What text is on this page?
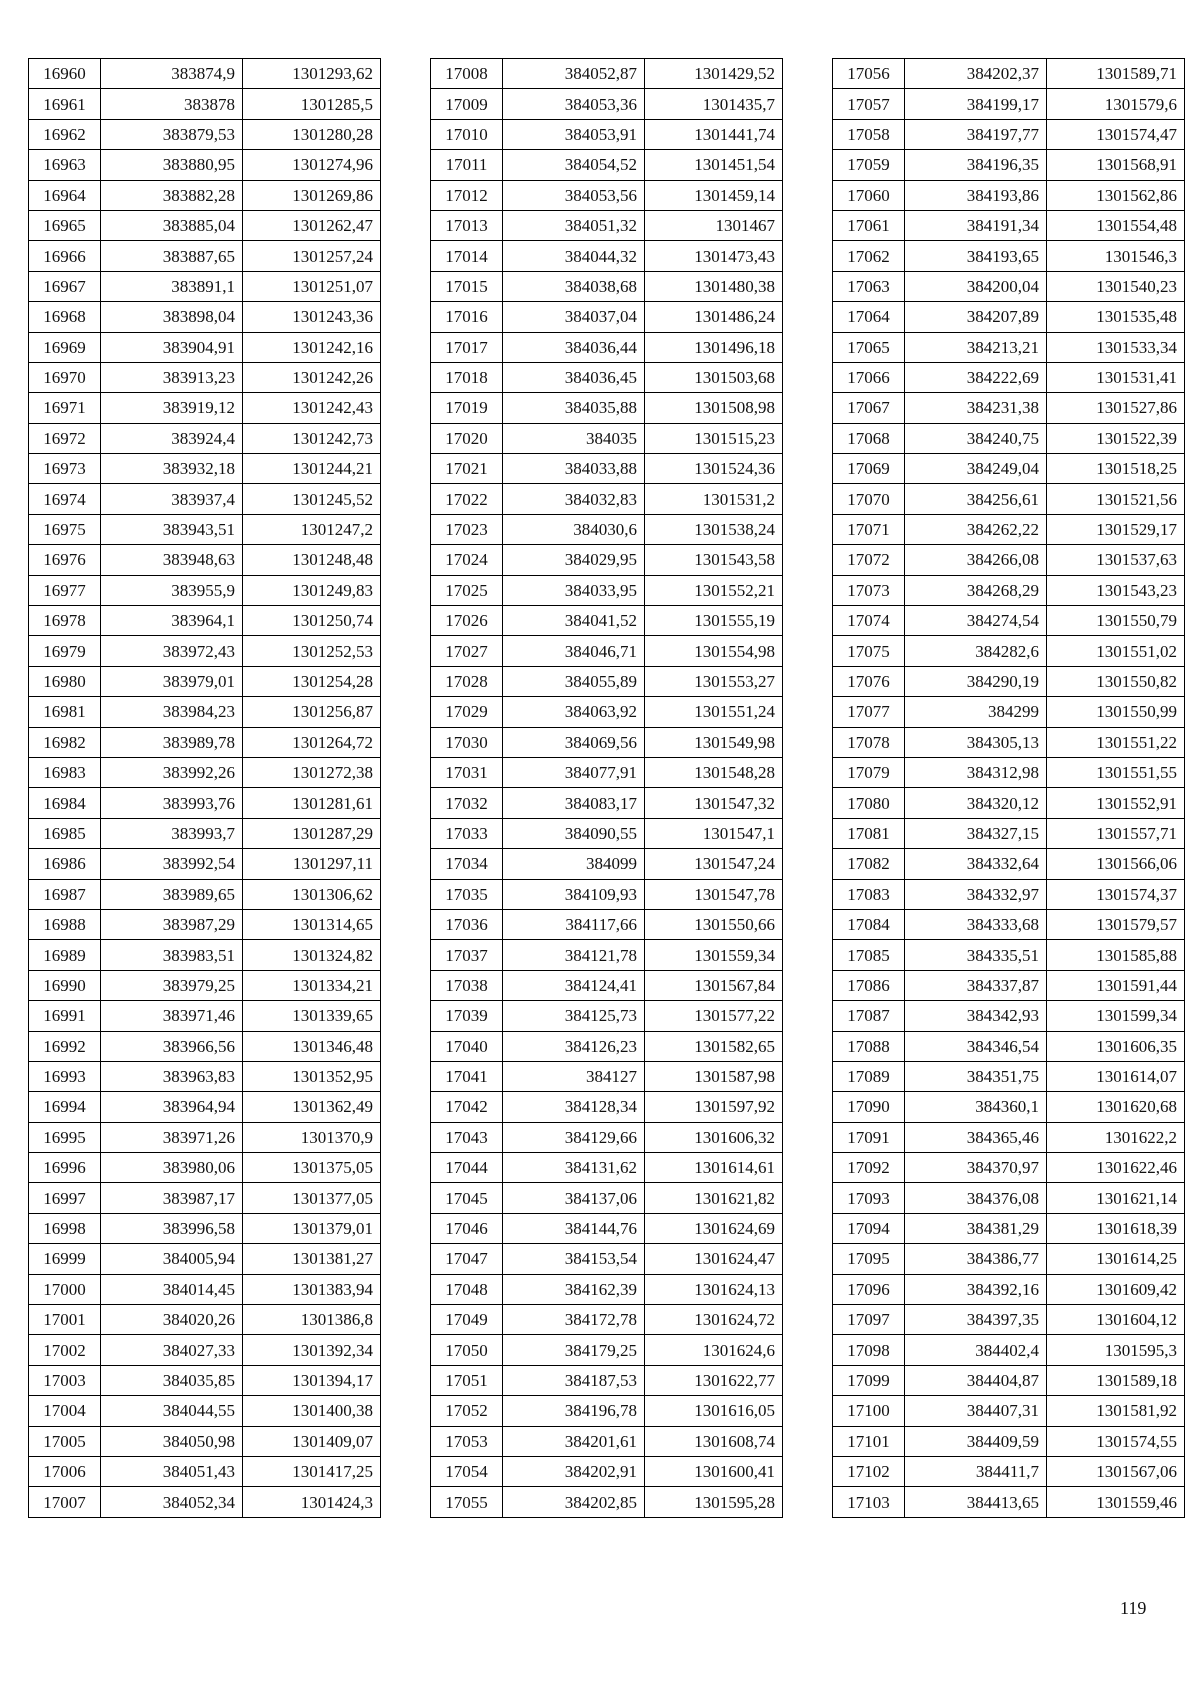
16960	383874,9	1301293,62
16961	383878	1301285,5
16962	383879,53	1301280,28
16963	383880,95	1301274,96
16964	383882,28	1301269,86
16965	383885,04	1301262,47
16966	383887,65	1301257,24
16967	383891,1	1301251,07
16968	383898,04	1301243,36
16969	383904,91	1301242,16
16970	383913,23	1301242,26
16971	383919,12	1301242,43
16972	383924,4	1301242,73
16973	383932,18	1301244,21
16974	383937,4	1301245,52
16975	383943,51	1301247,2
16976	383948,63	1301248,48
16977	383955,9	1301249,83
16978	383964,1	1301250,74
16979	383972,43	1301252,53
16980	383979,01	1301254,28
16981	383984,23	1301256,87
16982	383989,78	1301264,72
16983	383992,26	1301272,38
16984	383993,76	1301281,61
16985	383993,7	1301287,29
16986	383992,54	1301297,11
16987	383989,65	1301306,62
16988	383987,29	1301314,65
16989	383983,51	1301324,82
16990	383979,25	1301334,21
16991	383971,46	1301339,65
16992	383966,56	1301346,48
16993	383963,83	1301352,95
16994	383964,94	1301362,49
16995	383971,26	1301370,9
16996	383980,06	1301375,05
16997	383987,17	1301377,05
16998	383996,58	1301379,01
16999	384005,94	1301381,27
17000	384014,45	1301383,94
17001	384020,26	1301386,8
17002	384027,33	1301392,34
17003	384035,85	1301394,17
17004	384044,55	1301400,38
17005	384050,98	1301409,07
17006	384051,43	1301417,25
17007	384052,34	1301424,3
17008	384052,87	1301429,52
17009	384053,36	1301435,7
17010	384053,91	1301441,74
17011	384054,52	1301451,54
17012	384053,56	1301459,14
17013	384051,32	1301467
17014	384044,32	1301473,43
17015	384038,68	1301480,38
17016	384037,04	1301486,24
17017	384036,44	1301496,18
17018	384036,45	1301503,68
17019	384035,88	1301508,98
17020	384035	1301515,23
17021	384033,88	1301524,36
17022	384032,83	1301531,2
17023	384030,6	1301538,24
17024	384029,95	1301543,58
17025	384033,95	1301552,21
17026	384041,52	1301555,19
17027	384046,71	1301554,98
17028	384055,89	1301553,27
17029	384063,92	1301551,24
17030	384069,56	1301549,98
17031	384077,91	1301548,28
17032	384083,17	1301547,32
17033	384090,55	1301547,1
17034	384099	1301547,24
17035	384109,93	1301547,78
17036	384117,66	1301550,66
17037	384121,78	1301559,34
17038	384124,41	1301567,84
17039	384125,73	1301577,22
17040	384126,23	1301582,65
17041	384127	1301587,98
17042	384128,34	1301597,92
17043	384129,66	1301606,32
17044	384131,62	1301614,61
17045	384137,06	1301621,82
17046	384144,76	1301624,69
17047	384153,54	1301624,47
17048	384162,39	1301624,13
17049	384172,78	1301624,72
17050	384179,25	1301624,6
17051	384187,53	1301622,77
17052	384196,78	1301616,05
17053	384201,61	1301608,74
17054	384202,91	1301600,41
17055	384202,85	1301595,28
17056	384202,37	1301589,71
17057	384199,17	1301579,6
17058	384197,77	1301574,47
17059	384196,35	1301568,91
17060	384193,86	1301562,86
17061	384191,34	1301554,48
17062	384193,65	1301546,3
17063	384200,04	1301540,23
17064	384207,89	1301535,48
17065	384213,21	1301533,34
17066	384222,69	1301531,41
17067	384231,38	1301527,86
17068	384240,75	1301522,39
17069	384249,04	1301518,25
17070	384256,61	1301521,56
17071	384262,22	1301529,17
17072	384266,08	1301537,63
17073	384268,29	1301543,23
17074	384274,54	1301550,79
17075	384282,6	1301551,02
17076	384290,19	1301550,82
17077	384299	1301550,99
17078	384305,13	1301551,22
17079	384312,98	1301551,55
17080	384320,12	1301552,91
17081	384327,15	1301557,71
17082	384332,64	1301566,06
17083	384332,97	1301574,37
17084	384333,68	1301579,57
17085	384335,51	1301585,88
17086	384337,87	1301591,44
17087	384342,93	1301599,34
17088	384346,54	1301606,35
17089	384351,75	1301614,07
17090	384360,1	1301620,68
17091	384365,46	1301622,2
17092	384370,97	1301622,46
17093	384376,08	1301621,14
17094	384381,29	1301618,39
17095	384386,77	1301614,25
17096	384392,16	1301609,42
17097	384397,35	1301604,12
17098	384402,4	1301595,3
17099	384404,87	1301589,18
17100	384407,31	1301581,92
17101	384409,59	1301574,55
17102	384411,7	1301567,06
17103	384413,65	1301559,46
119
